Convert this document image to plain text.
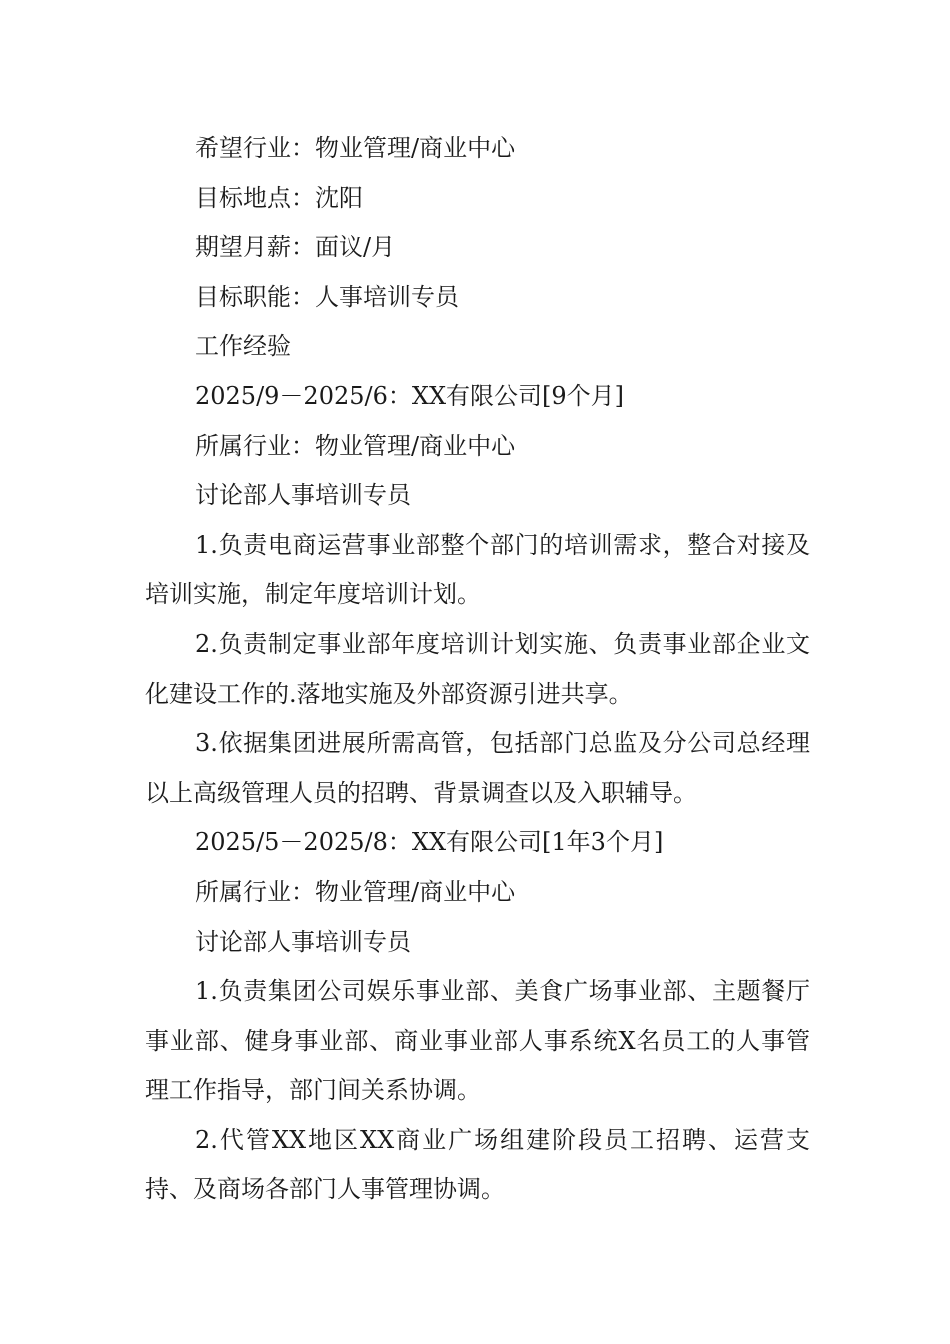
希望行业：物业管理/商业中心

目标地点：沈阳

期望月薪：面议/月

目标职能：人事培训专员

工作经验

2025/9－2025/6：XX有限公司[9个月]

所属行业：物业管理/商业中心

讨论部人事培训专员

1.负责电商运营事业部整个部门的培训需求，整合对接及培训实施，制定年度培训计划。

2.负责制定事业部年度培训计划实施、负责事业部企业文化建设工作的.落地实施及外部资源引进共享。

3.依据集团进展所需高管，包括部门总监及分公司总经理以上高级管理人员的招聘、背景调查以及入职辅导。

2025/5－2025/8：XX有限公司[1年3个月]

所属行业：物业管理/商业中心

讨论部人事培训专员

1.负责集团公司娱乐事业部、美食广场事业部、主题餐厅事业部、健身事业部、商业事业部人事系统X名员工的人事管理工作指导，部门间关系协调。

2.代管XX地区XX商业广场组建阶段员工招聘、运营支持、及商场各部门人事管理协调。
